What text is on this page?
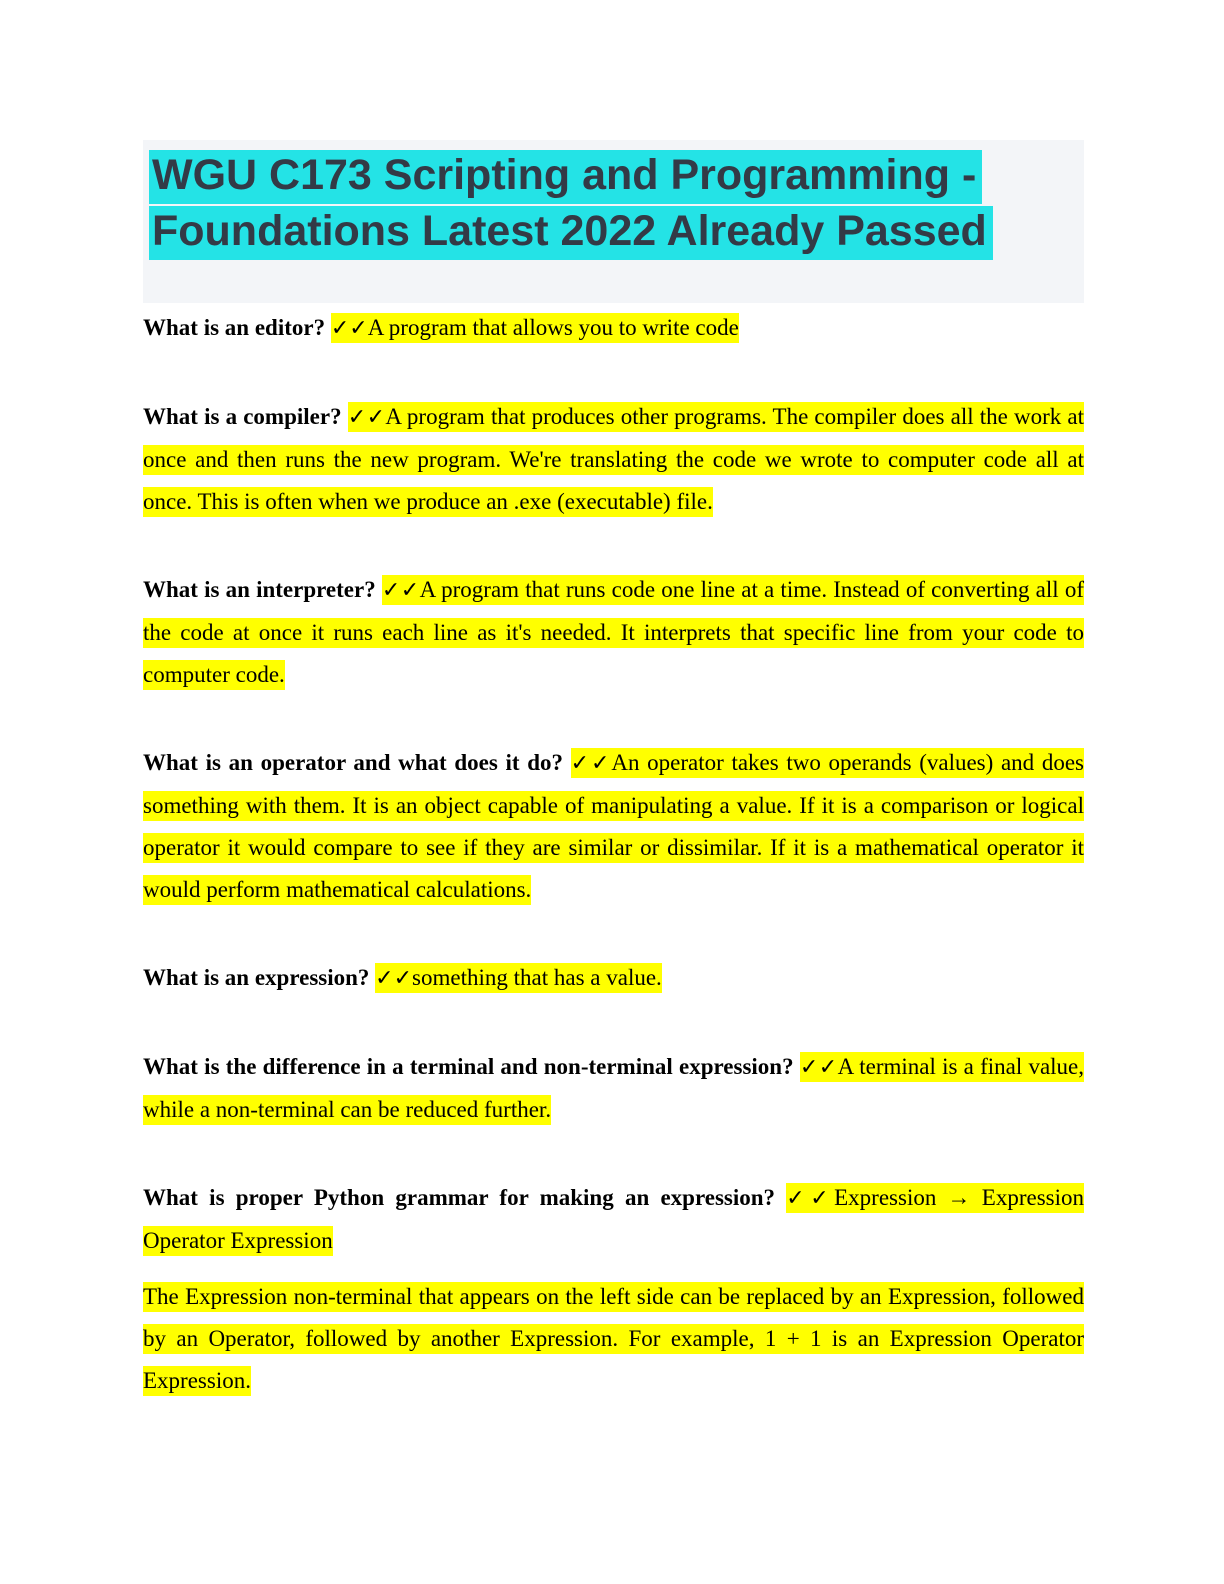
WGU C173 Scripting and Programming - Foundations Latest 2022 Already Passed

What is an editor? ✓✓A program that allows you to write code

What is a compiler? ✓✓A program that produces other programs. The compiler does all the work at once and then runs the new program. We're translating the code we wrote to computer code all at once. This is often when we produce an .exe (executable) file.

What is an interpreter? ✓✓A program that runs code one line at a time. Instead of converting all of the code at once it runs each line as it's needed. It interprets that specific line from your code to computer code.

What is an operator and what does it do? ✓✓An operator takes two operands (values) and does something with them. It is an object capable of manipulating a value. If it is a comparison or logical operator it would compare to see if they are similar or dissimilar. If it is a mathematical operator it would perform mathematical calculations.

What is an expression? ✓✓something that has a value.

What is the difference in a terminal and non-terminal expression? ✓✓A terminal is a final value, while a non-terminal can be reduced further.

What is proper Python grammar for making an expression? ✓✓Expression → Expression Operator Expression

The Expression non-terminal that appears on the left side can be replaced by an Expression, followed by an Operator, followed by another Expression. For example, 1 + 1 is an Expression Operator Expression.
